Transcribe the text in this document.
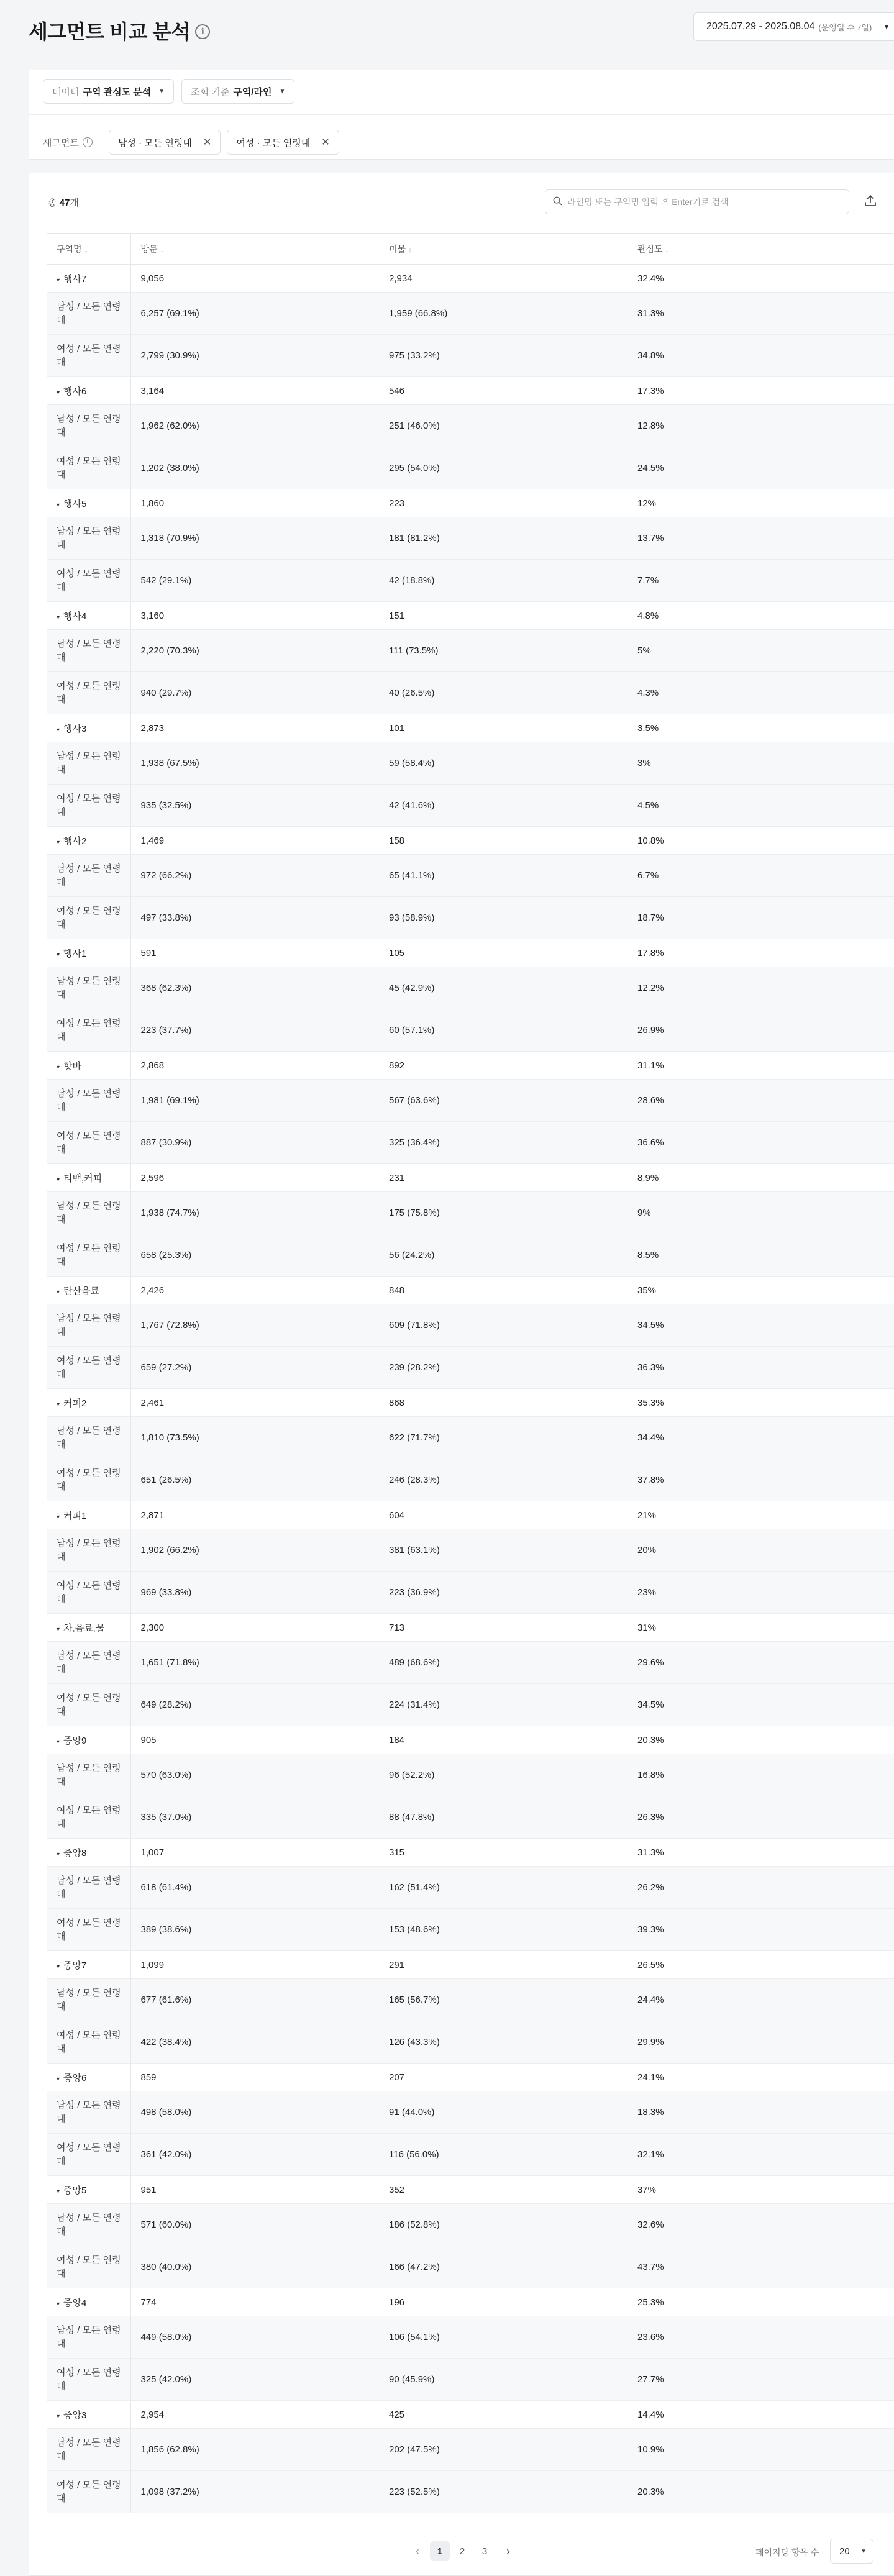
세그먼트 비교 분석 i	2025.07.29 - 2025.08.04 (운영일 수 7일) ▼
데이터 구역 관심도 분석 ▼	조회 기준 구역/라인 ▼
세그먼트	i	남성 · 모든 연령대 ✕	여성 · 모든 연령대 ✕
총 47개
라인명 또는 구역명 입력 후 Enter키로 검색
구역명 ↓	방문 ↓	머물 ↓	관심도 ↓
▾ 행사7	9,056	2,934	32.4%
남성 / 모든 연령대	6,257 (69.1%)	1,959 (66.8%)	31.3%
여성 / 모든 연령대	2,799 (30.9%)	975 (33.2%)	34.8%
▾ 행사6	3,164	546	17.3%
남성 / 모든 연령대	1,962 (62.0%)	251 (46.0%)	12.8%
여성 / 모든 연령대	1,202 (38.0%)	295 (54.0%)	24.5%
▾ 행사5	1,860	223	12%
남성 / 모든 연령대	1,318 (70.9%)	181 (81.2%)	13.7%
여성 / 모든 연령대	542 (29.1%)	42 (18.8%)	7.7%
▾ 행사4	3,160	151	4.8%
남성 / 모든 연령대	2,220 (70.3%)	111 (73.5%)	5%
여성 / 모든 연령대	940 (29.7%)	40 (26.5%)	4.3%
▾ 행사3	2,873	101	3.5%
남성 / 모든 연령대	1,938 (67.5%)	59 (58.4%)	3%
여성 / 모든 연령대	935 (32.5%)	42 (41.6%)	4.5%
▾ 행사2	1,469	158	10.8%
남성 / 모든 연령대	972 (66.2%)	65 (41.1%)	6.7%
여성 / 모든 연령대	497 (33.8%)	93 (58.9%)	18.7%
▾ 행사1	591	105	17.8%
남성 / 모든 연령대	368 (62.3%)	45 (42.9%)	12.2%
여성 / 모든 연령대	223 (37.7%)	60 (57.1%)	26.9%
▾ 핫바	2,868	892	31.1%
남성 / 모든 연령대	1,981 (69.1%)	567 (63.6%)	28.6%
여성 / 모든 연령대	887 (30.9%)	325 (36.4%)	36.6%
▾ 티백,커피	2,596	231	8.9%
남성 / 모든 연령대	1,938 (74.7%)	175 (75.8%)	9%
여성 / 모든 연령대	658 (25.3%)	56 (24.2%)	8.5%
▾ 탄산음료	2,426	848	35%
남성 / 모든 연령대	1,767 (72.8%)	609 (71.8%)	34.5%
여성 / 모든 연령대	659 (27.2%)	239 (28.2%)	36.3%
▾ 커피2	2,461	868	35.3%
남성 / 모든 연령대	1,810 (73.5%)	622 (71.7%)	34.4%
여성 / 모든 연령대	651 (26.5%)	246 (28.3%)	37.8%
▾ 커피1	2,871	604	21%
남성 / 모든 연령대	1,902 (66.2%)	381 (63.1%)	20%
여성 / 모든 연령대	969 (33.8%)	223 (36.9%)	23%
▾ 차,음료,물	2,300	713	31%
남성 / 모든 연령대	1,651 (71.8%)	489 (68.6%)	29.6%
여성 / 모든 연령대	649 (28.2%)	224 (31.4%)	34.5%
▾ 중앙9	905	184	20.3%
남성 / 모든 연령대	570 (63.0%)	96 (52.2%)	16.8%
여성 / 모든 연령대	335 (37.0%)	88 (47.8%)	26.3%
▾ 중앙8	1,007	315	31.3%
남성 / 모든 연령대	618 (61.4%)	162 (51.4%)	26.2%
여성 / 모든 연령대	389 (38.6%)	153 (48.6%)	39.3%
▾ 중앙7	1,099	291	26.5%
남성 / 모든 연령대	677 (61.6%)	165 (56.7%)	24.4%
여성 / 모든 연령대	422 (38.4%)	126 (43.3%)	29.9%
▾ 중앙6	859	207	24.1%
남성 / 모든 연령대	498 (58.0%)	91 (44.0%)	18.3%
여성 / 모든 연령대	361 (42.0%)	116 (56.0%)	32.1%
▾ 중앙5	951	352	37%
남성 / 모든 연령대	571 (60.0%)	186 (52.8%)	32.6%
여성 / 모든 연령대	380 (40.0%)	166 (47.2%)	43.7%
▾ 중앙4	774	196	25.3%
남성 / 모든 연령대	449 (58.0%)	106 (54.1%)	23.6%
여성 / 모든 연령대	325 (42.0%)	90 (45.9%)	27.7%
▾ 중앙3	2,954	425	14.4%
남성 / 모든 연령대	1,856 (62.8%)	202 (47.5%)	10.9%
여성 / 모든 연령대	1,098 (37.2%)	223 (52.5%)	20.3%
‹	1	2	3	›	페이지당 항목 수 20 ▼
